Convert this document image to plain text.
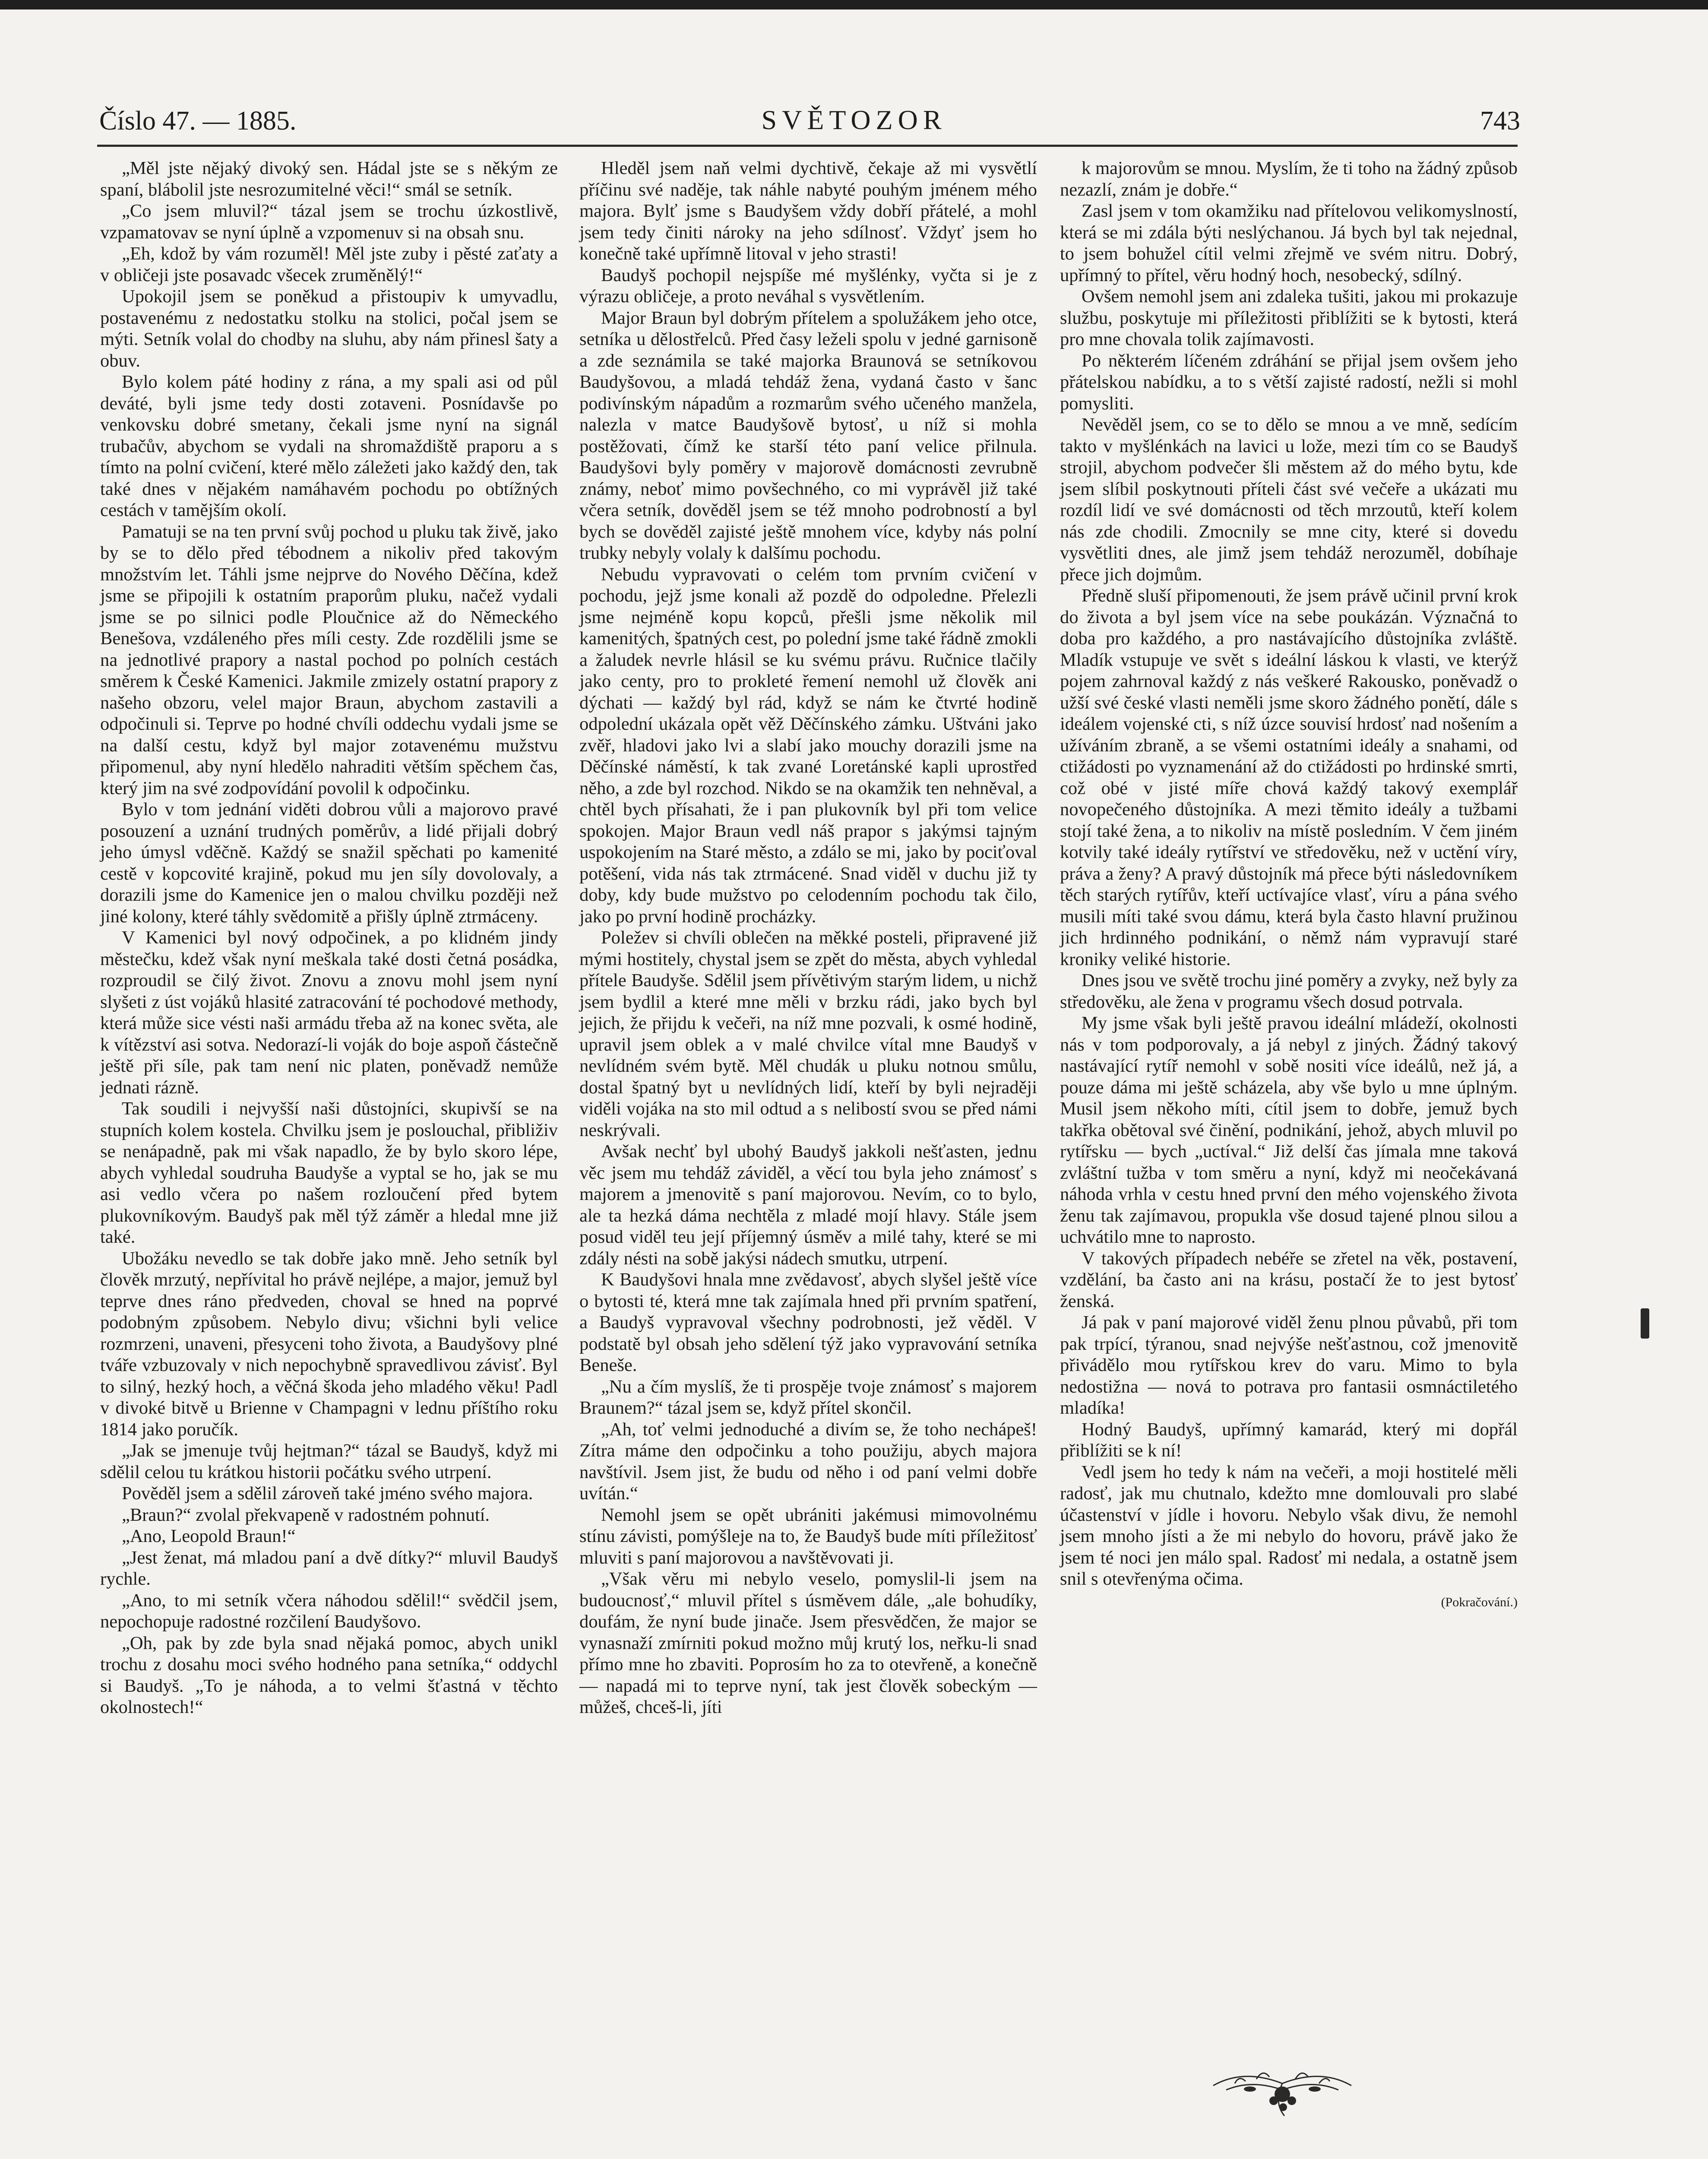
Číslo 47. — 1885.	SVĚTOZOR	743

„Měl jste nějaký divoký sen. Hádal jste se s někým ze spaní, blábolil jste nesrozumitelné věci!“ smál se setník.

„Co jsem mluvil?“ tázal jsem se trochu úzkostlivě, vzpamatovav se nyní úplně a vzpomenuv si na obsah snu.

„Eh, kdož by vám rozuměl! Měl jste zuby i pěsté zaťaty a v obličeji jste posavadc všecek zruměnělý!“

Upokojil jsem se poněkud a přistoupiv k umyvadlu, postavenému z nedostatku stolku na stolici, počal jsem se mýti. Setník volal do chodby na sluhu, aby nám přinesl šaty a obuv.

Bylo kolem páté hodiny z rána, a my spali asi od půl deváté, byli jsme tedy dosti zotaveni. Posnídavše po venkovsku dobré smetany, čekali jsme nyní na signál trubačův, abychom se vydali na shromaždiště praporu a s tímto na polní cvičení, které mělo záležeti jako každý den, tak také dnes v nějakém namáhavém pochodu po obtížných cestách v tamějším okolí.

Pamatuji se na ten první svůj pochod u pluku tak živě, jako by se to dělo před tébodnem a nikoliv před takovým množstvím let. Táhli jsme nejprve do Nového Děčína, kdež jsme se připojili k ostatním praporům pluku, načež vydali jsme se po silnici podle Ploučnice až do Německého Benešova, vzdáleného přes míli cesty. Zde rozdělili jsme se na jednotlivé prapory a nastal pochod po polních cestách směrem k České Kamenici. Jakmile zmizely ostatní prapory z našeho obzoru, velel major Braun, abychom zastavili a odpočinuli si. Teprve po hodné chvíli oddechu vydali jsme se na další cestu, když byl major zotavenému mužstvu připomenul, aby nyní hledělo nahraditi větším spěchem čas, který jim na své zodpovídání povolil k odpočinku.

Bylo v tom jednání viděti dobrou vůli a majorovo pravé posouzení a uznání trudných poměrův, a lidé přijali dobrý jeho úmysl vděčně. Každý se snažil spěchati po kamenité cestě v kopcovité krajině, pokud mu jen síly dovolovaly, a dorazili jsme do Kamenice jen o malou chvilku později než jiné kolony, které táhly svědomitě a přišly úplně ztrmáceny.

V Kamenici byl nový odpočinek, a po klidném jindy městečku, kdež však nyní meškala také dosti četná posádka, rozproudil se čilý život. Znovu a znovu mohl jsem nyní slyšeti z úst vojáků hlasité zatracování té pochodové methody, která může sice vésti naši armádu třeba až na konec světa, ale k vítězství asi sotva. Nedorazí-li voják do boje aspoň částečně ještě při síle, pak tam není nic platen, poněvadž nemůže jednati rázně.

Tak soudili i nejvyšší naši důstojníci, skupivší se na stupních kolem kostela. Chvilku jsem je poslouchal, přibliživ se nenápadně, pak mi však napadlo, že by bylo skoro lépe, abych vyhledal soudruha Baudyše a vyptal se ho, jak se mu asi vedlo včera po našem rozloučení před bytem plukovníkovým. Baudyš pak měl týž záměr a hledal mne již také.

Ubožáku nevedlo se tak dobře jako mně. Jeho setník byl člověk mrzutý, nepřívital ho právě nejlépe, a major, jemuž byl teprve dnes ráno předveden, choval se hned na poprvé podobným způsobem. Nebylo divu; všichni byli velice rozmrzeni, unaveni, přesyceni toho života, a Baudyšovy plné tváře vzbuzovaly v nich nepochybně spravedlivou závisť. Byl to silný, hezký hoch, a věčná škoda jeho mladého věku! Padl v divoké bitvě u Brienne v Champagni v lednu příštího roku 1814 jako poručík.

„Jak se jmenuje tvůj hejtman?“ tázal se Baudyš, když mi sdělil celou tu krátkou historii počátku svého utrpení.

Pověděl jsem a sdělil zároveň také jméno svého majora.

„Braun?“ zvolal překvapeně v radostném pohnutí.

„Ano, Leopold Braun!“

„Jest ženat, má mladou paní a dvě dítky?“ mluvil Baudyš rychle.

„Ano, to mi setník včera náhodou sdělil!“ svědčil jsem, nepochopuje radostné rozčilení Baudyšovo.

„Oh, pak by zde byla snad nějaká pomoc, abych unikl trochu z dosahu moci svého hodného pana setníka,“ oddychl si Baudyš. „To je náhoda, a to velmi šťastná v těchto okolnostech!“

Hleděl jsem naň velmi dychtivě, čekaje až mi vysvětlí příčinu své naděje, tak náhle nabyté pouhým jménem mého majora. Bylť jsme s Baudyšem vždy dobří přátelé, a mohl jsem tedy činiti nároky na jeho sdílnosť. Vždyť jsem ho konečně také upřímně litoval v jeho strasti!

Baudyš pochopil nejspíše mé myšlénky, vyčta si je z výrazu obličeje, a proto neváhal s vysvětlením.

Major Braun byl dobrým přítelem a spolužákem jeho otce, setníka u dělostřelců. Před časy leželi spolu v jedné garnisoně a zde seznámila se také majorka Braunová se setníkovou Baudyšovou, a mladá tehdáž žena, vydaná často v šanc podivínským nápadům a rozmarům svého učeného manžela, nalezla v matce Baudyšově bytosť, u níž si mohla postěžovati, čímž ke starší této paní velice přilnula. Baudyšovi byly poměry v majorově domácnosti zevrubně známy, neboť mimo povšechného, co mi vyprávěl již také včera setník, dověděl jsem se též mnoho podrobností a byl bych se dověděl zajisté ještě mnohem více, kdyby nás polní trubky nebyly volaly k dalšímu pochodu.

Nebudu vypravovati o celém tom prvním cvičení v pochodu, jejž jsme konali až pozdě do odpoledne. Přelezli jsme nejméně kopu kopců, přešli jsme několik mil kamenitých, špatných cest, po polední jsme také řádně zmokli a žaludek nevrle hlásil se ku svému právu. Ručnice tlačily jako centy, pro to prokleté řemení nemohl už člověk ani dýchati — každý byl rád, když se nám ke čtvrté hodině odpolední ukázala opět věž Děčínského zámku. Uštváni jako zvěř, hladovi jako lvi a slabí jako mouchy dorazili jsme na Děčínské náměstí, k tak zvané Loretánské kapli uprostřed něho, a zde byl rozchod. Nikdo se na okamžik ten nehněval, a chtěl bych přísahati, že i pan plukovník byl při tom velice spokojen. Major Braun vedl náš prapor s jakýmsi tajným uspokojením na Staré město, a zdálo se mi, jako by pociťoval potěšení, vida nás tak ztrmácené. Snad viděl v duchu již ty doby, kdy bude mužstvo po celodenním pochodu tak čilo, jako po první hodině procházky.

Poležev si chvíli oblečen na měkké posteli, připravené již mými hostitely, chystal jsem se zpět do města, abych vyhledal přítele Baudyše. Sdělil jsem přívětivým starým lidem, u nichž jsem bydlil a které mne měli v brzku rádi, jako bych byl jejich, že přijdu k večeři, na níž mne pozvali, k osmé hodině, upravil jsem oblek a v malé chvilce vítal mne Baudyš v nevlídném svém bytě. Měl chudák u pluku notnou smůlu, dostal špatný byt u nevlídných lidí, kteří by byli nejraději viděli vojáka na sto mil odtud a s nelibostí svou se před námi neskrývali.

Avšak nechť byl ubohý Baudyš jakkoli nešťasten, jednu věc jsem mu tehdáž záviděl, a věcí tou byla jeho známosť s majorem a jmenovitě s paní majorovou. Nevím, co to bylo, ale ta hezká dáma nechtěla z mladé mojí hlavy. Stále jsem posud viděl teu její příjemný úsměv a milé tahy, které se mi zdály nésti na sobě jakýsi nádech smutku, utrpení.

K Baudyšovi hnala mne zvědavosť, abych slyšel ještě více o bytosti té, která mne tak zajímala hned při prvním spatření, a Baudyš vypravoval všechny podrobnosti, jež věděl. V podstatě byl obsah jeho sdělení týž jako vypravování setníka Beneše.

„Nu a čím myslíš, že ti prospěje tvoje známosť s majorem Braunem?“ tázal jsem se, když přítel skončil.

„Ah, toť velmi jednoduché a divím se, že toho nechápeš! Zítra máme den odpočinku a toho použiju, abych majora navštívil. Jsem jist, že budu od něho i od paní velmi dobře uvítán.“

Nemohl jsem se opět ubrániti jakémusi mimovolnému stínu závisti, pomýšleje na to, že Baudyš bude míti příležitosť mluviti s paní majorovou a navštěvovati ji.

„Však věru mi nebylo veselo, pomyslil-li jsem na budoucnosť,“ mluvil přítel s úsměvem dále, „ale bohudíky, doufám, že nyní bude jinače. Jsem přesvědčen, že major se vynasnaží zmírniti pokud možno můj krutý los, neřku-li snad přímo mne ho zbaviti. Poprosím ho za to otevřeně, a konečně — napadá mi to teprve nyní, tak jest člověk sobeckým — můžeš, chceš-li, jíti

k majorovům se mnou. Myslím, že ti toho na žádný způsob nezazlí, znám je dobře.“

Zasl jsem v tom okamžiku nad přítelovou velikomyslností, která se mi zdála býti neslýchanou. Já bych byl tak nejednal, to jsem bohužel cítil velmi zřejmě ve svém nitru. Dobrý, upřímný to přítel, věru hodný hoch, nesobecký, sdílný.

Ovšem nemohl jsem ani zdaleka tušiti, jakou mi prokazuje službu, poskytuje mi příležitosti přiblížiti se k bytosti, která pro mne chovala tolik zajímavosti.

Po některém líčeném zdráhání se přijal jsem ovšem jeho přátelskou nabídku, a to s větší zajisté radostí, nežli si mohl pomysliti.

Nevěděl jsem, co se to dělo se mnou a ve mně, sedícím takto v myšlénkách na lavici u lože, mezi tím co se Baudyš strojil, abychom podvečer šli městem až do mého bytu, kde jsem slíbil poskytnouti příteli část své večeře a ukázati mu rozdíl lidí ve své domácnosti od těch mrzoutů, kteří kolem nás zde chodili. Zmocnily se mne city, které si dovedu vysvětliti dnes, ale jimž jsem tehdáž nerozuměl, dobíhaje přece jich dojmům.

Předně sluší připomenouti, že jsem právě učinil první krok do života a byl jsem více na sebe poukázán. Význačná to doba pro každého, a pro nastávajícího důstojníka zvláště. Mladík vstupuje ve svět s ideální láskou k vlasti, ve kterýž pojem zahrnoval každý z nás veškeré Rakousko, poněvadž o užší své české vlasti neměli jsme skoro žádného ponětí, dále s ideálem vojenské cti, s níž úzce souvisí hrdosť nad nošením a užíváním zbraně, a se všemi ostatními ideály a snahami, od ctižádosti po vyznamenání až do ctižádosti po hrdinské smrti, což obé v jisté míře chová každý takový exemplář novopečeného důstojníka. A mezi těmito ideály a tužbami stojí také žena, a to nikoliv na místě posledním. V čem jiném kotvily také ideály rytířství ve středověku, než v uctění víry, práva a ženy? A pravý důstojník má přece býti následovníkem těch starých rytířův, kteří uctívajíce vlasť, víru a pána svého musili míti také svou dámu, která byla často hlavní pružinou jich hrdinného podnikání, o němž nám vypravují staré kroniky veliké historie.

Dnes jsou ve světě trochu jiné poměry a zvyky, než byly za středověku, ale žena v programu všech dosud potrvala.

My jsme však byli ještě pravou ideální mládeží, okolnosti nás v tom podporovaly, a já nebyl z jiných. Žádný takový nastávající rytíř nemohl v sobě nositi více ideálů, než já, a pouze dáma mi ještě scházela, aby vše bylo u mne úplným. Musil jsem někoho míti, cítil jsem to dobře, jemuž bych takřka obětoval své činění, podnikání, jehož, abych mluvil po rytířsku — bych „uctíval.“ Již delší čas jímala mne taková zvláštní tužba v tom směru a nyní, když mi neočekávaná náhoda vrhla v cestu hned první den mého vojenského života ženu tak zajímavou, propukla vše dosud tajené plnou silou a uchvátilo mne to naprosto.

V takových případech nebéře se zřetel na věk, postavení, vzdělání, ba často ani na krásu, postačí že to jest bytosť ženská.

Já pak v paní majorové viděl ženu plnou půvabů, při tom pak trpící, týranou, snad nejvýše nešťastnou, což jmenovitě přivádělo mou rytířskou krev do varu. Mimo to byla nedostižna — nová to potrava pro fantasii osmnáctiletého mladíka!

Hodný Baudyš, upřímný kamarád, který mi dopřál přiblížiti se k ní!

Vedl jsem ho tedy k nám na večeři, a moji hostitelé měli radosť, jak mu chutnalo, kdežto mne domlouvali pro slabé účastenství v jídle i hovoru. Nebylo však divu, že nemohl jsem mnoho jísti a že mi nebylo do hovoru, právě jako že jsem té noci jen málo spal. Radosť mi nedala, a ostatně jsem snil s otevřenýma očima.

(Pokračování.)
